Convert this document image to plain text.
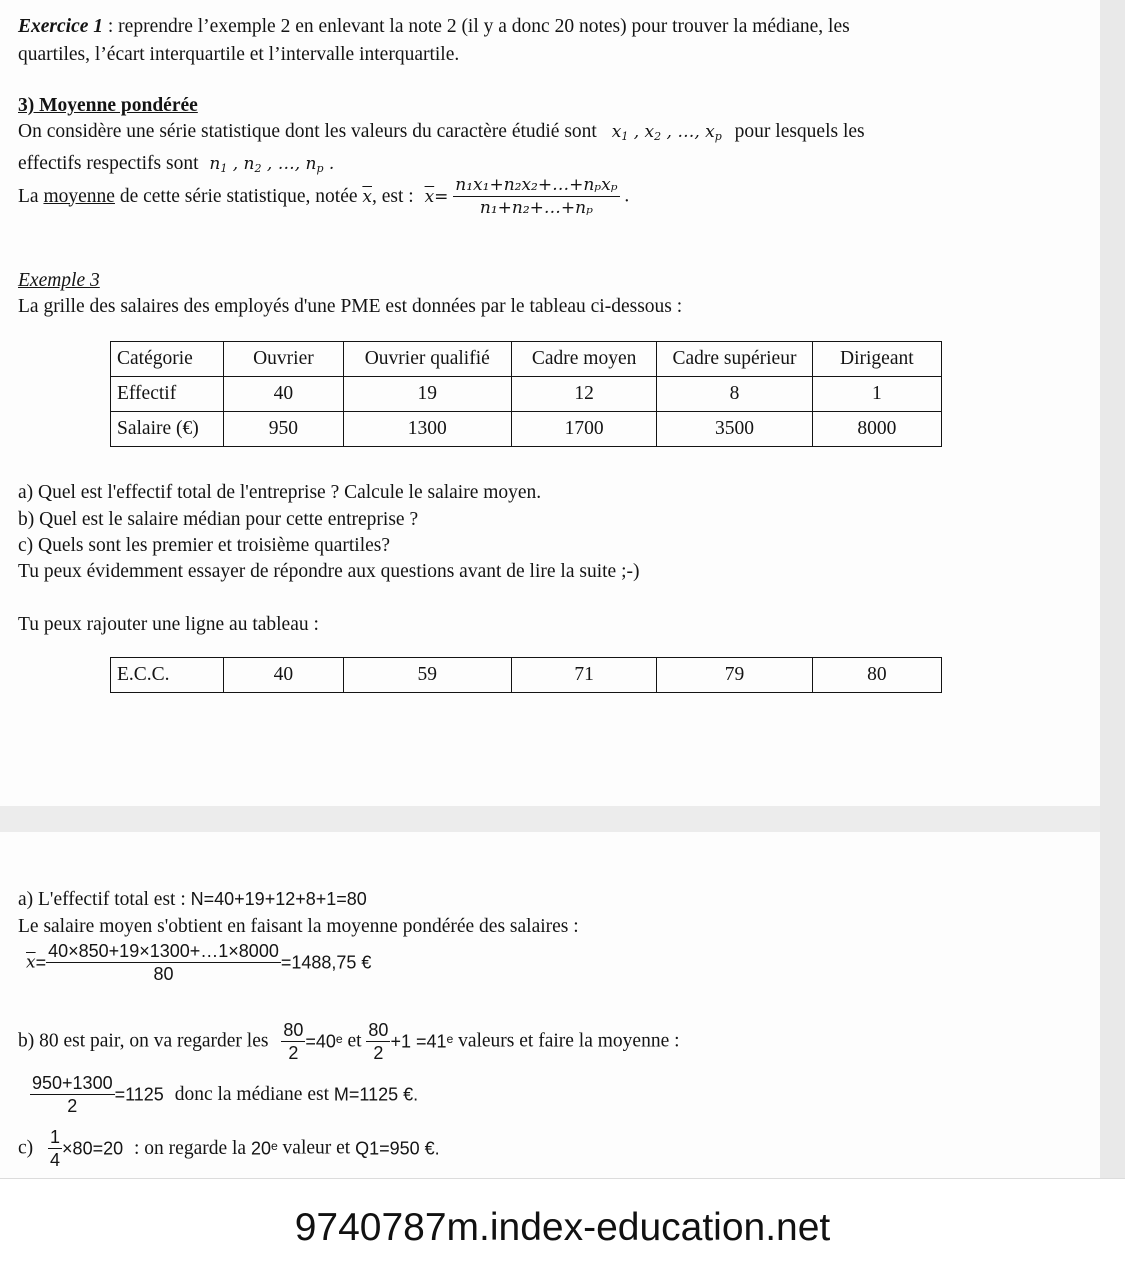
Exercice 1 : reprendre l’exemple 2 en enlevant la note 2 (il y a donc 20 notes) pour trouver la médiane, les
quartiles, l’écart interquartile et l’intervalle interquartile.
3) Moyenne pondérée
On considère une série statistique dont les valeurs du caractère étudié sont $x_1$ , $x_2$ , …, $x_p$ pour lesquels les
effectifs respectifs sont $n_1$ , $n_2$ , …, $n_p$ .
La moyenne de cette série statistique, notée $\overline{x}$, est : $\overline{x}= \frac{\text{n₁x₁+n₂x₂+…+nₚxₚ}}{\text{n₁+n₂+…+nₚ}}$ .
Exemple 3
La grille des salaires des employés d'une PME est données par le tableau ci-dessous :
Catégorie	Ouvrier	Ouvrier qualifié	Cadre moyen	Cadre supérieur	Dirigeant
Effectif	40	19	12	8	1
Salaire (€)	950	1300	1700	3500	8000
a) Quel est l'effectif total de l'entreprise ? Calcule le salaire moyen.
b) Quel est le salaire médian pour cette entreprise ?
c) Quels sont les premier et troisième quartiles?
Tu peux évidemment essayer de répondre aux questions avant de lire la suite ;-)
Tu peux rajouter une ligne au tableau :
E.C.C.	40	59	71	79	80
a) L'effectif total est : N=40+19+12+8+1=80
Le salaire moyen s'obtient en faisant la moyenne pondérée des salaires :
$\overline{x}= \frac{40\times 850+19\times 1300+\dots 1\times 8000}{80} =1488,75$ €
b) 80 est pair, on va regarder les $\frac{80}{2}$ =40ᵉ et $\frac{80}{2} +1$ =41ᵉ valeurs et faire la moyenne :
$\frac{950+1300}{2} =1125$ donc la médiane est M=1125 €.
$c) \frac{1}{4} \times 80=20$ : on regarde la 20ᵉ valeur et Q1=950 €.
9740787m.index-education.net
